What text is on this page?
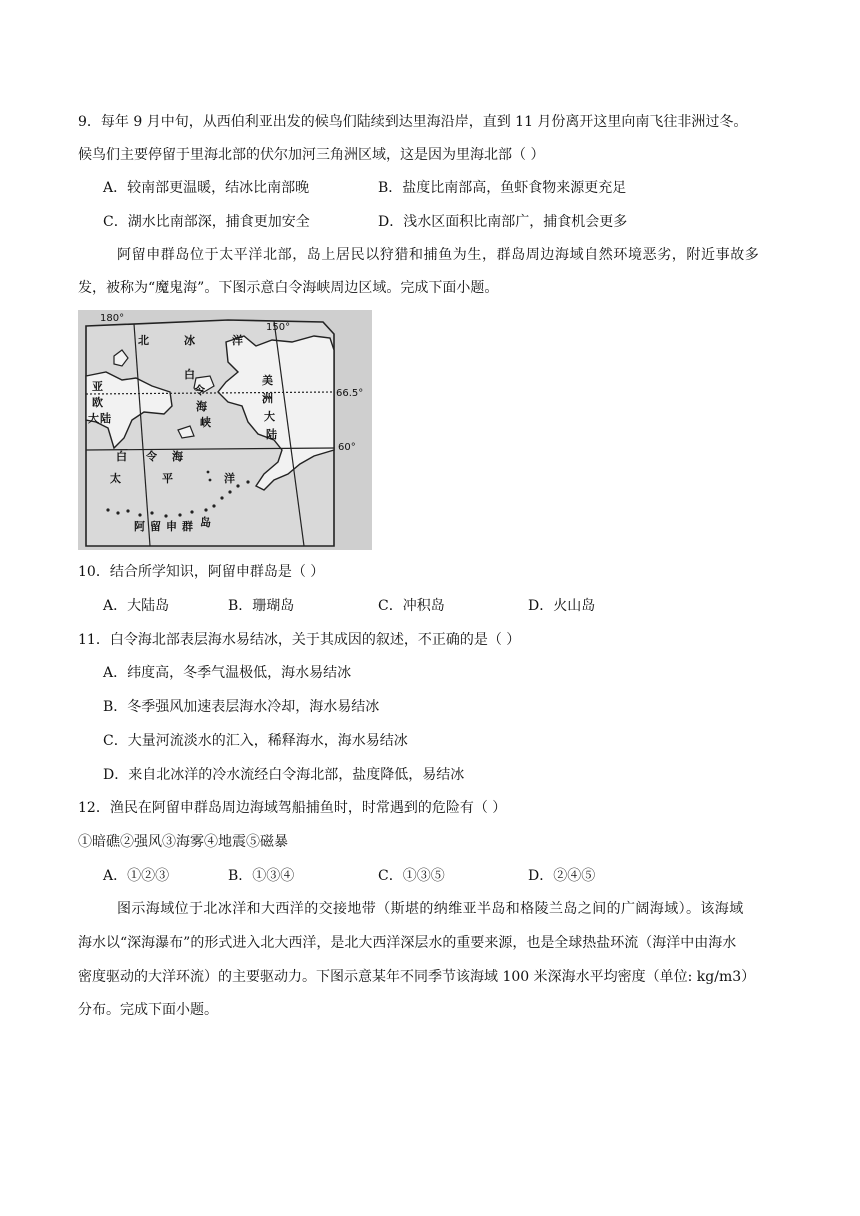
9．每年 9 月中旬，从西伯利亚出发的候鸟们陆续到达里海沿岸，直到 11 月份离开这里向南飞往非洲过冬。
候鸟们主要停留于里海北部的伏尔加河三角洲区域，这是因为里海北部（ ）
A．较南部更温暖，结冰比南部晚	B．盐度比南部高，鱼虾食物来源更充足
C．湖水比南部深，捕食更加安全	D．浅水区面积比南部广，捕食机会更多
阿留申群岛位于太平洋北部，岛上居民以狩猎和捕鱼为生，群岛周边海域自然环境恶劣，附近事故多
发，被称为“魔鬼海”。下图示意白令海峡周边区域。完成下面小题。
180°
150°
66.5°
60°
北	冰	洋
亚
欧
大 陆
白
令
海
峡
美
洲
大
陆
白 令 海
太	平	洋
阿 留 申 群 岛
10．结合所学知识，阿留申群岛是（ ）
A．大陆岛	B．珊瑚岛	C．冲积岛	D．火山岛
11．白令海北部表层海水易结冰，关于其成因的叙述，不正确的是（ ）
A．纬度高，冬季气温极低，海水易结冰
B．冬季强风加速表层海水冷却，海水易结冰
C．大量河流淡水的汇入，稀释海水，海水易结冰
D．来自北冰洋的冷水流经白令海北部，盐度降低，易结冰
12．渔民在阿留申群岛周边海域驾船捕鱼时，时常遇到的危险有（ ）
①暗礁②强风③海雾④地震⑤磁暴
A．①②③	B．①③④	C．①③⑤	D．②④⑤
图示海域位于北冰洋和大西洋的交接地带（斯堪的纳维亚半岛和格陵兰岛之间的广阔海域）。该海域
海水以“深海瀑布”的形式进入北大西洋，是北大西洋深层水的重要来源，也是全球热盐环流（海洋中由海水
密度驱动的大洋环流）的主要驱动力。下图示意某年不同季节该海域 100 米深海水平均密度（单位: kg/m3）
分布。完成下面小题。
